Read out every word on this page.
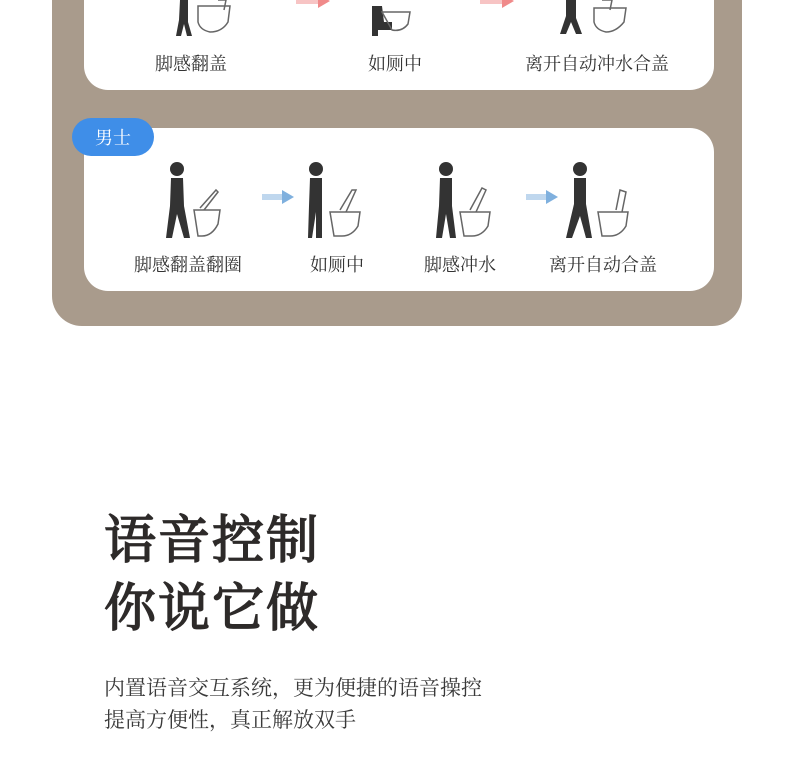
脚感翻盖	如厕中	离开自动冲水合盖
男士
脚感翻盖翻圈	如厕中	脚感冲水	离开自动合盖
语音控制
你说它做
内置语音交互系统，更为便捷的语音操控
提高方便性，真正解放双手
